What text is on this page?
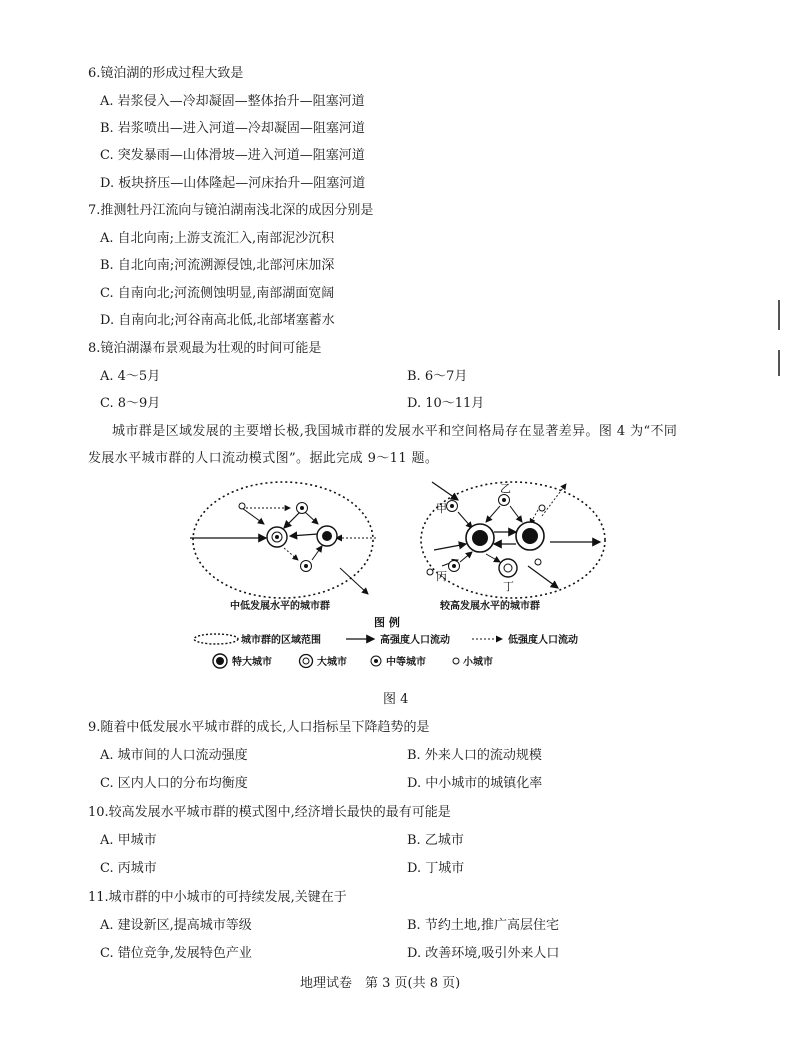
6.镜泊湖的形成过程大致是
A. 岩浆侵入—冷却凝固—整体抬升—阻塞河道
B. 岩浆喷出—进入河道—冷却凝固—阻塞河道
C. 突发暴雨—山体滑坡—进入河道—阻塞河道
D. 板块挤压—山体隆起—河床抬升—阻塞河道
7.推测牡丹江流向与镜泊湖南浅北深的成因分别是
A. 自北向南;上游支流汇入,南部泥沙沉积
B. 自北向南;河流溯源侵蚀,北部河床加深
C. 自南向北;河流侧蚀明显,南部湖面宽阔
D. 自南向北;河谷南高北低,北部堵塞蓄水
8.镜泊湖瀑布景观最为壮观的时间可能是
A. 4～5月	B. 6～7月
C. 8～9月	D. 10～11月
城市群是区域发展的主要增长极,我国城市群的发展水平和空间格局存在显著差异。图 4 为“不同
发展水平城市群的人口流动模式图”。据此完成 9～11 题。
中低发展水平的城市群
甲
乙
丙
丁
较高发展水平的城市群
图 例
城市群的区域范围	高强度人口流动	低强度人口流动
特大城市	大城市	中等城市	小城市
图 4
9.随着中低发展水平城市群的成长,人口指标呈下降趋势的是
A. 城市间的人口流动强度	B. 外来人口的流动规模
C. 区内人口的分布均衡度	D. 中小城市的城镇化率
10.较高发展水平城市群的模式图中,经济增长最快的最有可能是
A. 甲城市	B. 乙城市
C. 丙城市	D. 丁城市
11.城市群的中小城市的可持续发展,关键在于
A. 建设新区,提高城市等级	B. 节约土地,推广高层住宅
C. 错位竞争,发展特色产业	D. 改善环境,吸引外来人口
地理试卷　第 3 页(共 8 页)
